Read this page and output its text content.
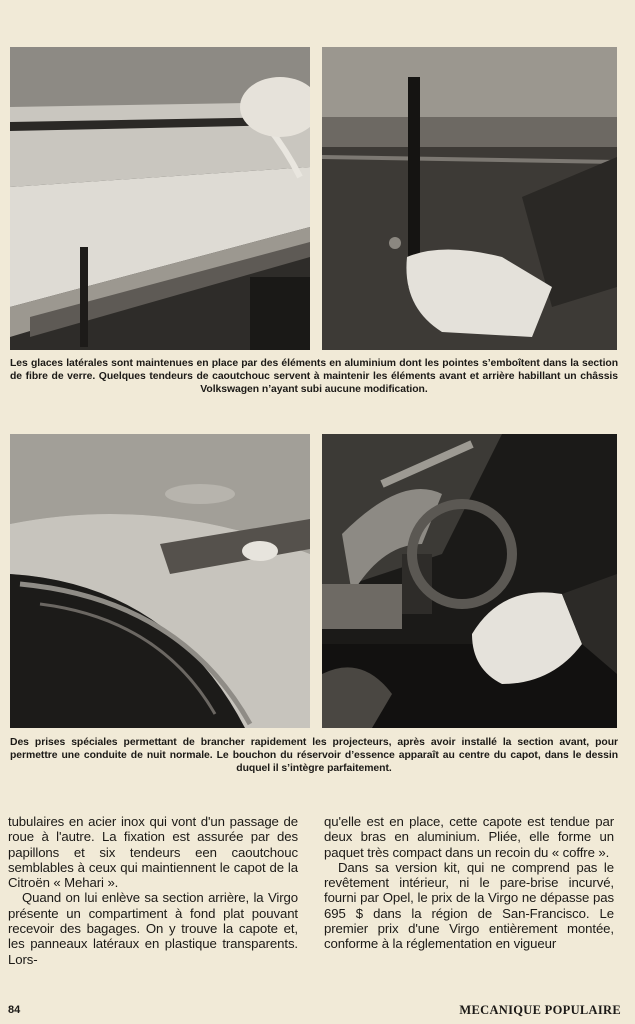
Les glaces latérales sont maintenues en place par des éléments en aluminium dont les pointes s’emboîtent dans la section de fibre de verre. Quelques tendeurs de caoutchouc servent à maintenir les éléments avant et arrière habillant un châssis Volkswagen n’ayant subi aucune modification.
Des prises spéciales permettant de brancher rapidement les projecteurs, après avoir installé la section avant, pour permettre une conduite de nuit normale. Le bouchon du réservoir d’essence apparaît au centre du capot, dans le dessin duquel il s’intègre parfaitement.

tubulaires en acier inox qui vont d'un passage de roue à l'autre. La fixation est assurée par des papillons et six tendeurs een caoutchouc semblables à ceux qui maintiennent le capot de la Citroën « Mehari ».

Quand on lui enlève sa section arrière, la Virgo présente un compartiment à fond plat pouvant recevoir des bagages. On y trouve la capote et, les panneaux latéraux en plastique transparents. Lors-

qu'elle est en place, cette capote est tendue par deux bras en aluminium. Pliée, elle forme un paquet très compact dans un recoin du « coffre ».

Dans sa version kit, qui ne comprend pas le revêtement intérieur, ni le pare-brise incurvé, fourni par Opel, le prix de la Virgo ne dépasse pas 695 $ dans la région de San-Francisco. Le premier prix d'une Virgo entièrement montée, conforme à la réglementation en vigueur

84	MECANIQUE POPULAIRE
